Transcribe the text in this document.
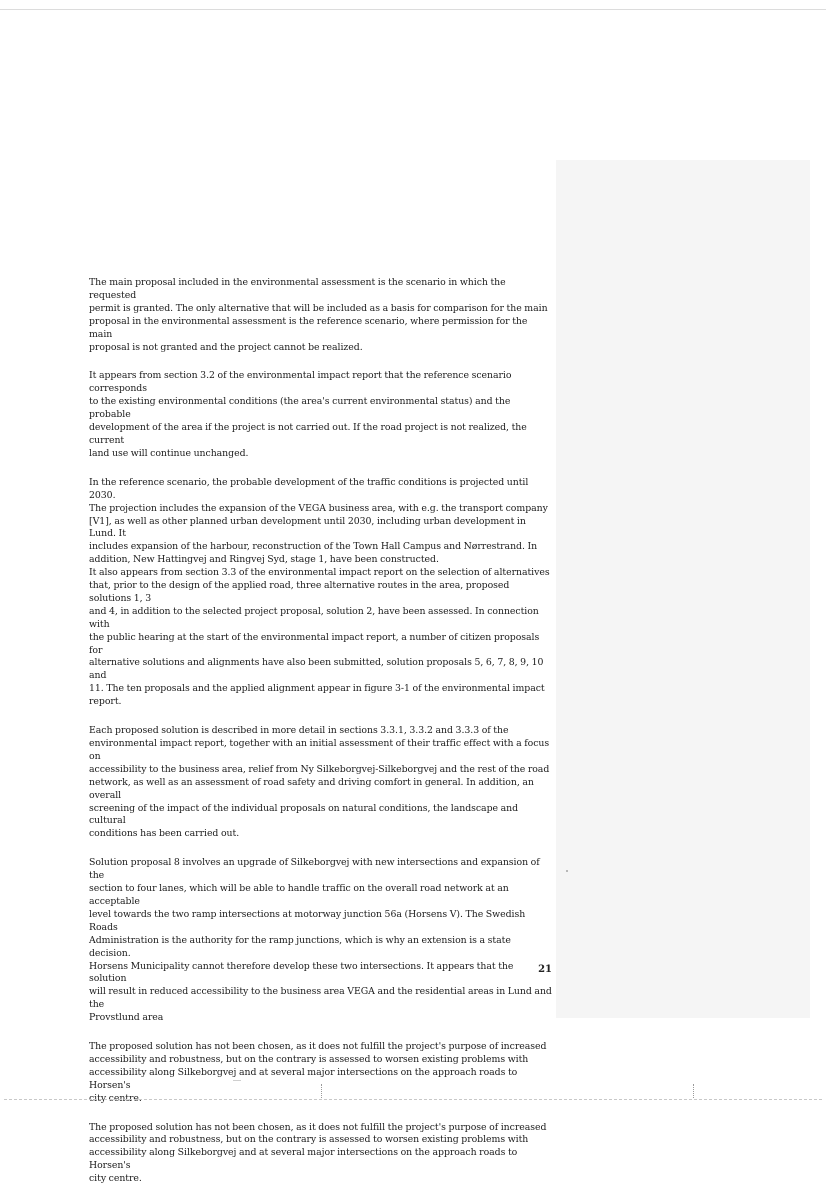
The main proposal included in the environmental assessment is the scenario in which the requested
permit is granted. The only alternative that will be included as a basis for comparison for the main
proposal in the environmental assessment is the reference scenario, where permission for the main
proposal is not granted and the project cannot be realized.

It appears from section 3.2 of the environmental impact report that the reference scenario corresponds
to the existing environmental conditions (the area's current environmental status) and the probable
development of the area if the project is not carried out. If the road project is not realized, the current
land use will continue unchanged.

In the reference scenario, the probable development of the traffic conditions is projected until 2030.
The projection includes the expansion of the VEGA business area, with e.g. the transport company
[V1], as well as other planned urban development until 2030, including urban development in Lund. It
includes expansion of the harbour, reconstruction of the Town Hall Campus and Nørrestrand. In
addition, New Hattingvej and Ringvej Syd, stage 1, have been constructed.

It also appears from section 3.3 of the environmental impact report on the selection of alternatives
that, prior to the design of the applied road, three alternative routes in the area, proposed solutions 1, 3
and 4, in addition to the selected project proposal, solution 2, have been assessed. In connection with
the public hearing at the start of the environmental impact report, a number of citizen proposals for
alternative solutions and alignments have also been submitted, solution proposals 5, 6, 7, 8, 9, 10 and
11. The ten proposals and the applied alignment appear in figure 3-1 of the environmental impact
report.

Each proposed solution is described in more detail in sections 3.3.1, 3.3.2 and 3.3.3 of the
environmental impact report, together with an initial assessment of their traffic effect with a focus on
accessibility to the business area, relief from Ny Silkeborgvej-Silkeborgvej and the rest of the road
network, as well as an assessment of road safety and driving comfort in general. In addition, an overall
screening of the impact of the individual proposals on natural conditions, the landscape and cultural
conditions has been carried out.

Solution proposal 8 involves an upgrade of Silkeborgvej with new intersections and expansion of the
section to four lanes, which will be able to handle traffic on the overall road network at an acceptable
level towards the two ramp intersections at motorway junction 56a (Horsens V). The Swedish Roads
Administration is the authority for the ramp junctions, which is why an extension is a state decision.
Horsens Municipality cannot therefore develop these two intersections. It appears that the solution
will result in reduced accessibility to the business area VEGA and the residential areas in Lund and the
Provstlund area

The proposed solution has not been chosen, as it does not fulfill the project's purpose of increased
accessibility and robustness, but on the contrary is assessed to worsen existing problems with
accessibility along Silkeborgvej and at several major intersections on the approach roads to Horsen's
city centre.

The proposed solution has not been chosen, as it does not fulfill the project's purpose of increased
accessibility and robustness, but on the contrary is assessed to worsen existing problems with
accessibility along Silkeborgvej and at several major intersections on the approach roads to Horsen's
city centre.

21
